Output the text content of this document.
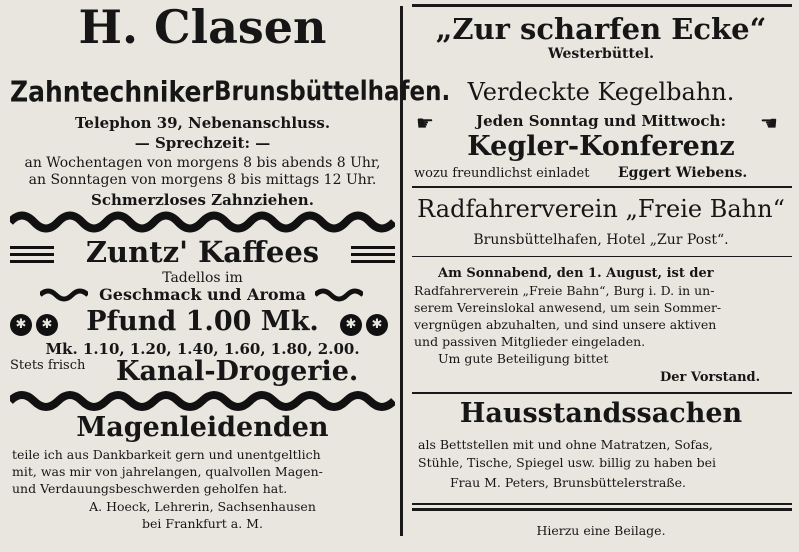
H. Clasen
Zahntechniker Brunsbüttelhafen.
Telephon 39, Nebenanschluss.
— Sprechzeit: —
an Wochentagen von morgens 8 bis abends 8 Uhr,
an Sonntagen von morgens 8 bis mittags 12 Uhr.
Schmerzloses Zahnziehen.
Zuntz' Kaffees
Tadellos im
Geschmack und Aroma
✱	✱	✱	✱
Pfund 1.00 Mk.
Mk. 1.10, 1.20, 1.40, 1.60, 1.80, 2.00.
Stets frisch Kanal-Drogerie.
Magenleidenden
teile ich aus Dankbarkeit gern und unentgeltlich
mit, was mir von jahrelangen, qualvollen Magen-
und Verdauungsbeschwerden geholfen hat.
A. Hoeck, Lehrerin, Sachsenhausen
bei Frankfurt a. M.
„Zur scharfen Ecke“
Westerbüttel.
Verdeckte Kegelbahn.
☛	☚
Jeden Sonntag und Mittwoch:
Kegler-Konferenz
wozu freundlichst einladet Eggert Wiebens.
Radfahrerverein „Freie Bahn“
Brunsbüttelhafen, Hotel „Zur Post“.
Am Sonnabend, den 1. August, ist der
Radfahrerverein „Freie Bahn“, Burg i. D. in un-
serem Vereinslokal anwesend, um sein Sommer-
vergnügen abzuhalten, und sind unsere aktiven
und passiven Mitglieder eingeladen.
Um gute Beteiligung bittet
Der Vorstand.
Hausstandssachen
als Bettstellen mit und ohne Matratzen, Sofas,
Stühle, Tische, Spiegel usw. billig zu haben bei
Frau M. Peters, Brunsbüttelerstraße.
Hierzu eine Beilage.
